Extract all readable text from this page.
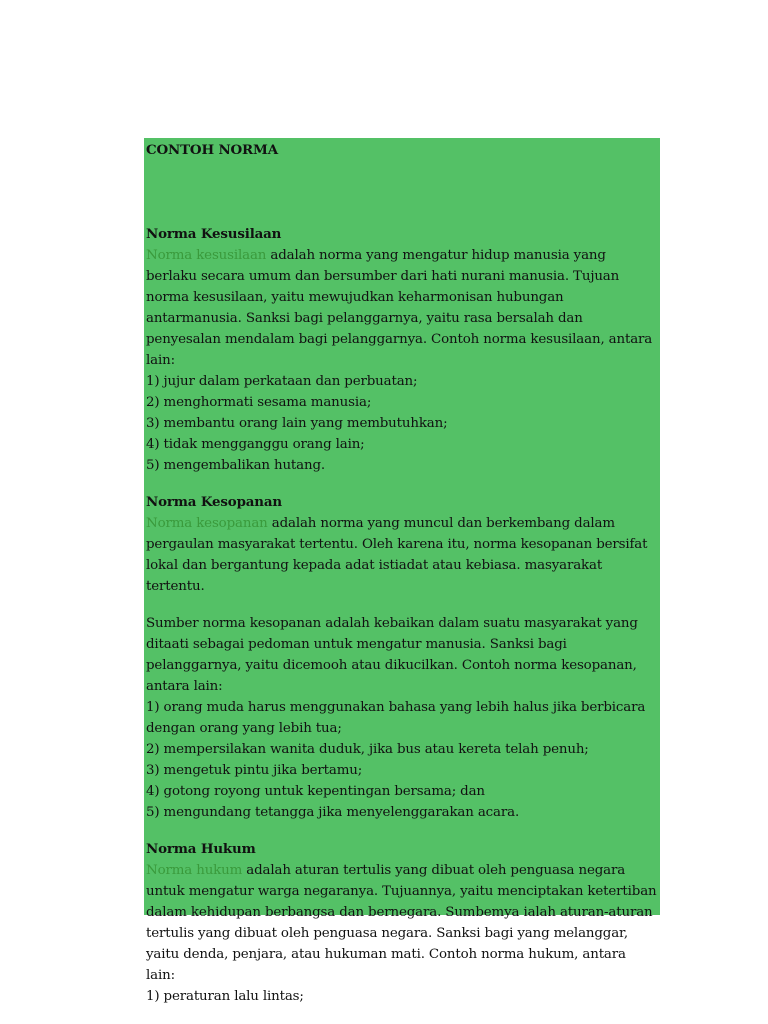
CONTOH NORMA
Norma Kesusilaan

Norma kesusilaan adalah norma yang mengatur hidup manusia yang berlaku secara umum dan bersumber dari hati nurani manusia. Tujuan norma kesusilaan, yaitu mewujudkan keharmonisan hubungan antarmanusia. Sanksi bagi pelanggarnya, yaitu rasa bersalah dan penyesalan mendalam bagi pelanggarnya. Contoh norma kesusilaan, antara lain:

1) jujur dalam perkataan dan perbuatan;
2) menghormati sesama manusia;
3) membantu orang lain yang membutuhkan;
4) tidak mengganggu orang lain;
5) mengembalikan hutang.
Norma Kesopanan

Norma kesopanan adalah norma yang muncul dan berkembang dalam pergaulan masyarakat tertentu. Oleh karena itu, norma kesopanan bersifat lokal dan bergantung kepada adat istiadat atau kebiasa. masyarakat tertentu.

Sumber norma kesopanan adalah kebaikan dalam suatu masyarakat yang ditaati sebagai pedoman untuk mengatur manusia. Sanksi bagi pelanggarnya, yaitu dicemooh atau dikucilkan. Contoh norma kesopanan, antara lain:

1) orang muda harus menggunakan bahasa yang lebih halus jika berbicara dengan orang yang lebih tua;
2) mempersilakan wanita duduk, jika bus atau kereta telah penuh;
3) mengetuk pintu jika bertamu;
4) gotong royong untuk kepentingan bersama; dan
5) mengundang tetangga jika menyelenggarakan acara.
Norma Hukum

Norma hukum adalah aturan tertulis yang dibuat oleh penguasa negara untuk mengatur warga negaranya. Tujuannya, yaitu menciptakan ketertiban dalam kehidupan berbangsa dan bernegara. Sumbemya ialah aturan-aturan tertulis yang dibuat oleh penguasa negara. Sanksi bagi yang melanggar, yaitu denda, penjara, atau hukuman mati. Contoh norma hukum, antara lain:

1) peraturan lalu lintas;
